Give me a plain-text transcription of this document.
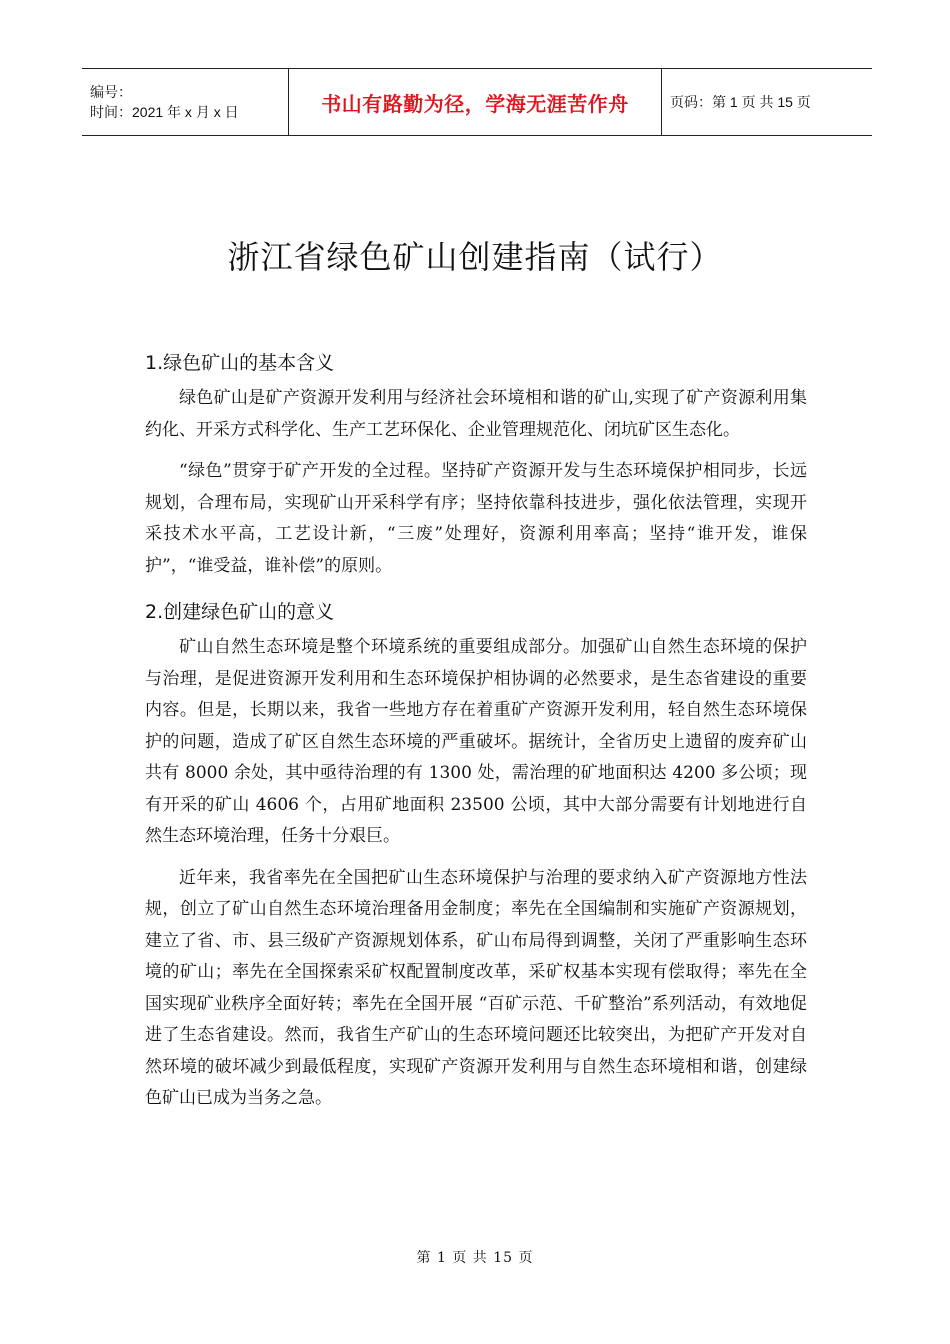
编号：
时间：2021 年 x 月 x 日	书山有路勤为径，学海无涯苦作舟	页码：第 1 页 共 15 页
浙江省绿色矿山创建指南（试行）
1.绿色矿山的基本含义

绿色矿山是矿产资源开发利用与经济社会环境相和谐的矿山,实现了矿产资源利用集约化、开采方式科学化、生产工艺环保化、企业管理规范化、闭坑矿区生态化。

“绿色”贯穿于矿产开发的全过程。坚持矿产资源开发与生态环境保护相同步，长远规划，合理布局，实现矿山开采科学有序；坚持依靠科技进步，强化依法管理，实现开采技术水平高，工艺设计新，“三废”处理好，资源利用率高；坚持“谁开发，谁保护”，“谁受益，谁补偿”的原则。

2.创建绿色矿山的意义

矿山自然生态环境是整个环境系统的重要组成部分。加强矿山自然生态环境的保护与治理，是促进资源开发利用和生态环境保护相协调的必然要求，是生态省建设的重要内容。但是，长期以来，我省一些地方存在着重矿产资源开发利用，轻自然生态环境保护的问题，造成了矿区自然生态环境的严重破坏。据统计，全省历史上遗留的废弃矿山共有 8000 余处，其中亟待治理的有 1300 处，需治理的矿地面积达 4200 多公顷；现有开采的矿山 4606 个，占用矿地面积 23500 公顷，其中大部分需要有计划地进行自然生态环境治理，任务十分艰巨。

近年来，我省率先在全国把矿山生态环境保护与治理的要求纳入矿产资源地方性法规，创立了矿山自然生态环境治理备用金制度；率先在全国编制和实施矿产资源规划，建立了省、市、县三级矿产资源规划体系，矿山布局得到调整，关闭了严重影响生态环境的矿山；率先在全国探索采矿权配置制度改革，采矿权基本实现有偿取得；率先在全国实现矿业秩序全面好转；率先在全国开展 “百矿示范、千矿整治”系列活动，有效地促进了生态省建设。然而，我省生产矿山的生态环境问题还比较突出，为把矿产开发对自然环境的破坏减少到最低程度，实现矿产资源开发利用与自然生态环境相和谐，创建绿色矿山已成为当务之急。

第 1 页 共 15 页
